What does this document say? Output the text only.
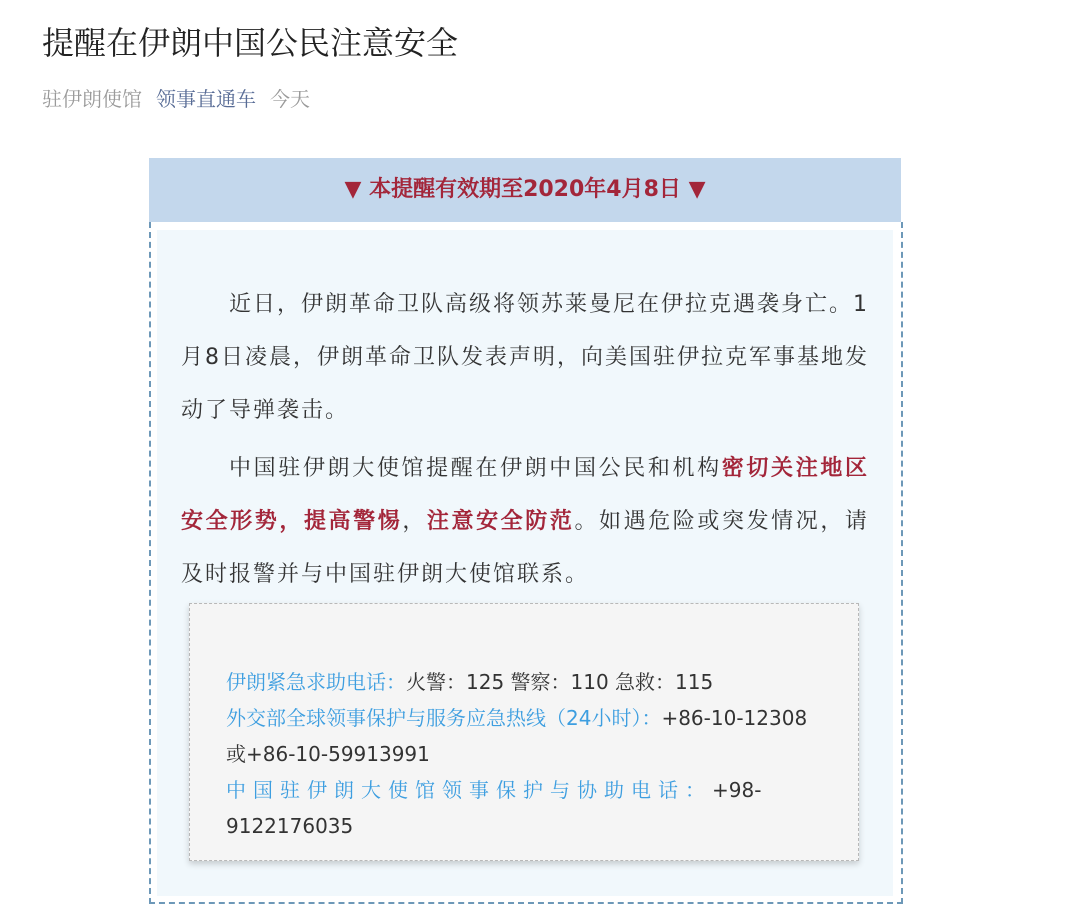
提醒在伊朗中国公民注意安全
驻伊朗使馆 领事直通车 今天
▼ 本提醒有效期至2020年4月8日 ▼

近日，伊朗革命卫队高级将领苏莱曼尼在伊拉克遇袭身亡。1月8日凌晨，伊朗革命卫队发表声明，向美国驻伊拉克军事基地发动了导弹袭击。

中国驻伊朗大使馆提醒在伊朗中国公民和机构密切关注地区安全形势，提高警惕，注意安全防范。如遇危险或突发情况，请及时报警并与中国驻伊朗大使馆联系。

伊朗紧急求助电话：火警：125 警察：110 急救：115
外交部全球领事保护与服务应急热线（24小时）：+86-10-12308或+86-10-59913991
中国驻伊朗大使馆领事保护与协助电话：+98-9122176035
